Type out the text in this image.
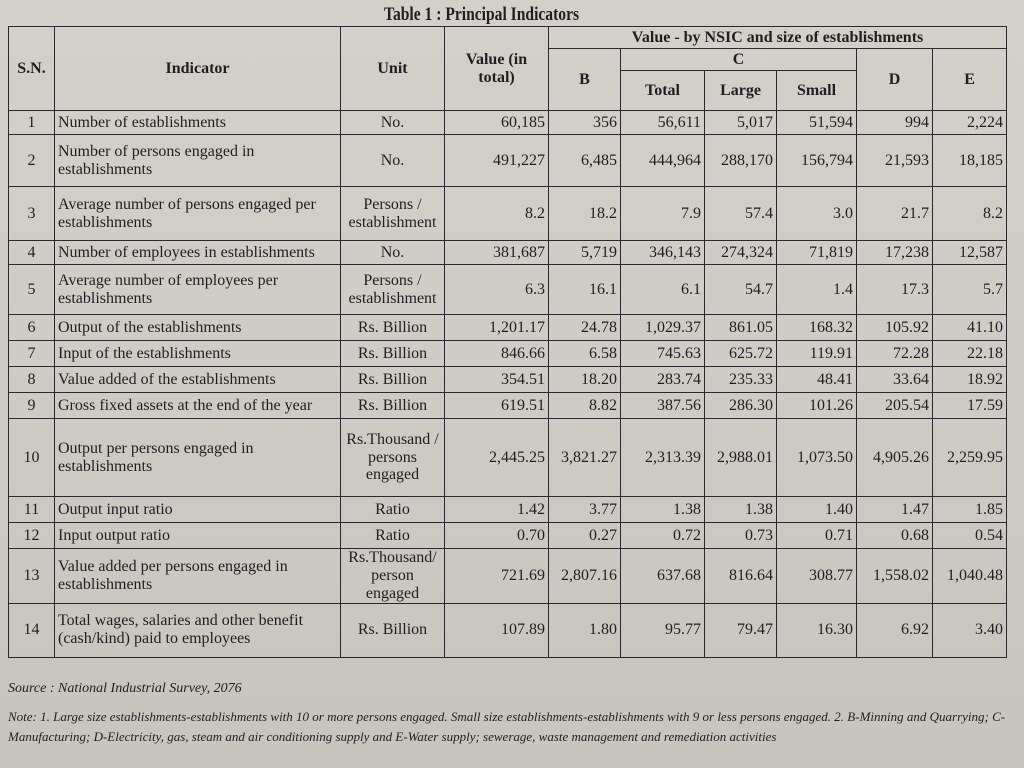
Table 1 : Principal Indicators
S.N.	Indicator	Unit	Value (in total)	Value - by NSIC and size of establishments					
				B	C			D	E
					Total	Large	Small		
1	Number of establishments	No.	60,185	356	56,611	5,017	51,594	994	2,224
2	Number of persons engaged in establishments	No.	491,227	6,485	444,964	288,170	156,794	21,593	18,185
3	Average number of persons engaged per establishments	Persons / establishment	8.2	18.2	7.9	57.4	3.0	21.7	8.2
4	Number of employees in establishments	No.	381,687	5,719	346,143	274,324	71,819	17,238	12,587
5	Average number of employees per establishments	Persons / establishment	6.3	16.1	6.1	54.7	1.4	17.3	5.7
6	Output of the establishments	Rs. Billion	1,201.17	24.78	1,029.37	861.05	168.32	105.92	41.10
7	Input of the establishments	Rs. Billion	846.66	6.58	745.63	625.72	119.91	72.28	22.18
8	Value added of the establishments	Rs. Billion	354.51	18.20	283.74	235.33	48.41	33.64	18.92
9	Gross fixed assets at the end of the year	Rs. Billion	619.51	8.82	387.56	286.30	101.26	205.54	17.59
10	Output per persons engaged in establishments	Rs.Thousand / persons engaged	2,445.25	3,821.27	2,313.39	2,988.01	1,073.50	4,905.26	2,259.95
11	Output input ratio	Ratio	1.42	3.77	1.38	1.38	1.40	1.47	1.85
12	Input output ratio	Ratio	0.70	0.27	0.72	0.73	0.71	0.68	0.54
13	Value added per persons engaged in establishments	Rs.Thousand/ person engaged	721.69	2,807.16	637.68	816.64	308.77	1,558.02	1,040.48
14	Total wages, salaries and other benefit (cash/kind) paid to employees	Rs. Billion	107.89	1.80	95.77	79.47	16.30	6.92	3.40
Source : National Industrial Survey, 2076
Note: 1. Large size establishments-establishments with 10 or more persons engaged. Small size establishments-establishments with 9 or less persons engaged. 2. B-Minning and Quarrying; C-Manufacturing; D-Electricity, gas, steam and air conditioning supply and E-Water supply; sewerage, waste management and remediation activities
